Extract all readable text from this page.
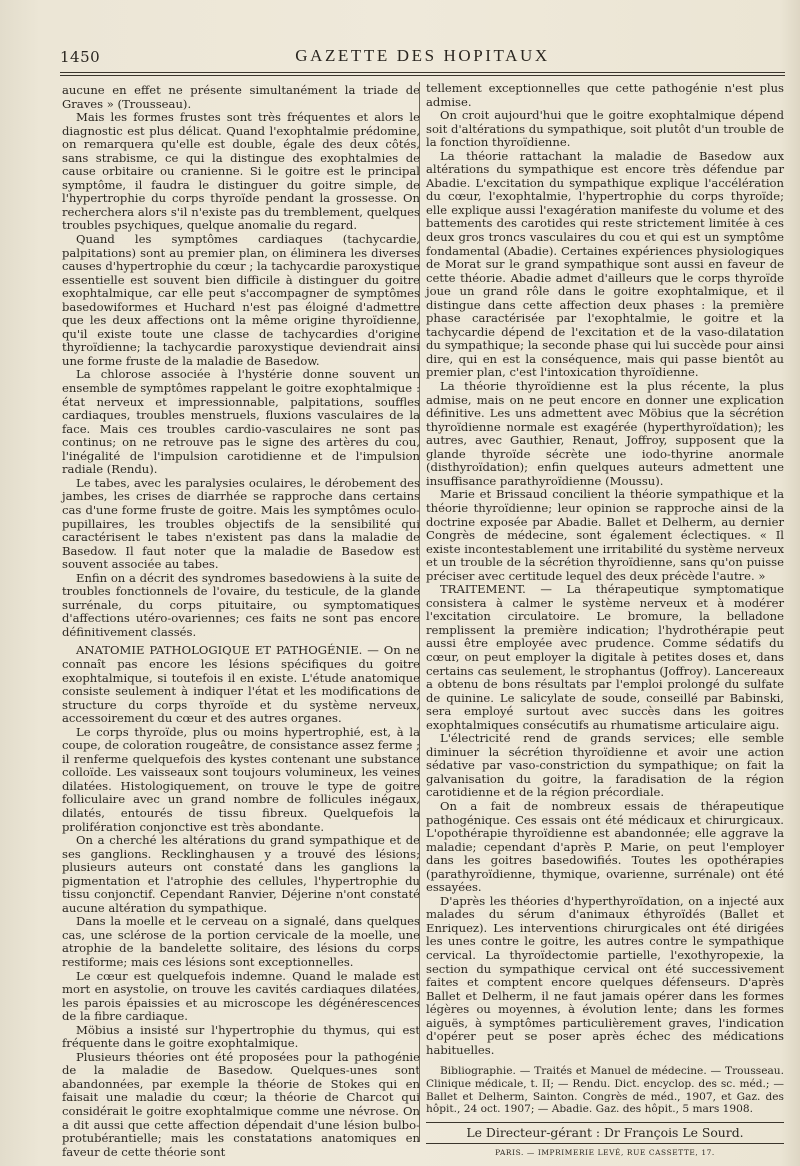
1450	GAZETTE DES HOPITAUX

aucune en effet ne présente simultanément la triade de Graves » (Trousseau).

Mais les formes frustes sont très fréquentes et alors le diagnostic est plus délicat. Quand l'exophtalmie prédomine, on remarquera qu'elle est double, égale des deux côtés, sans strabisme, ce qui la distingue des exophtalmies de cause orbitaire ou cranienne. Si le goitre est le principal symptôme, il faudra le distinguer du goitre simple, de l'hypertrophie du corps thyroïde pendant la grossesse. On recherchera alors s'il n'existe pas du tremblement, quelques troubles psychiques, quelque anomalie du regard.

Quand les symptômes cardiaques (tachycardie, palpitations) sont au premier plan, on éliminera les diverses causes d'hypertrophie du cœur ; la tachycardie paroxystique essentielle est souvent bien difficile à distinguer du goitre exophtalmique, car elle peut s'accompagner de symptômes basedowiformes et Huchard n'est pas éloigné d'admettre que les deux affections ont la même origine thyroïdienne, qu'il existe toute une classe de tachycardies d'origine thyroïdienne; la tachycardie paroxystique deviendrait ainsi une forme fruste de la maladie de Basedow.

La chlorose associée à l'hystérie donne souvent un ensemble de symptômes rappelant le goitre exophtalmique : état nerveux et impressionnable, palpitations, souffles cardiaques, troubles menstruels, fluxions vasculaires de la face. Mais ces troubles cardio-vasculaires ne sont pas continus; on ne retrouve pas le signe des artères du cou, l'inégalité de l'impulsion carotidienne et de l'impulsion radiale (Rendu).

Le tabes, avec les paralysies oculaires, le dérobement des jambes, les crises de diarrhée se rapproche dans certains cas d'une forme fruste de goitre. Mais les symptômes oculo-pupillaires, les troubles objectifs de la sensibilité qui caractérisent le tabes n'existent pas dans la maladie de Basedow. Il faut noter que la maladie de Basedow est souvent associée au tabes.

Enfin on a décrit des syndromes basedowiens à la suite de troubles fonctionnels de l'ovaire, du testicule, de la glande surrénale, du corps pituitaire, ou symptomatiques d'affections utéro-ovariennes; ces faits ne sont pas encore définitivement classés.

ANATOMIE PATHOLOGIQUE ET PATHOGÉNIE. — On ne connaît pas encore les lésions spécifiques du goitre exophtalmique, si toutefois il en existe. L'étude anatomique consiste seulement à indiquer l'état et les modifications de structure du corps thyroïde et du système nerveux, accessoirement du cœur et des autres organes.

Le corps thyroïde, plus ou moins hypertrophié, est, à la coupe, de coloration rougeâtre, de consistance assez ferme ; il renferme quelquefois des kystes contenant une substance colloïde. Les vaisseaux sont toujours volumineux, les veines dilatées. Histologiquement, on trouve le type de goitre folliculaire avec un grand nombre de follicules inégaux, dilatés, entourés de tissu fibreux. Quelquefois la prolifération conjonctive est très abondante.

On a cherché les altérations du grand sympathique et de ses ganglions. Recklinghausen y a trouvé des lésions; plusieurs auteurs ont constaté dans les ganglions la pigmentation et l'atrophie des cellules, l'hypertrophie du tissu conjonctif. Cependant Ranvier, Déjerine n'ont constaté aucune altération du sympathique.

Dans la moelle et le cerveau on a signalé, dans quelques cas, une sclérose de la portion cervicale de la moelle, une atrophie de la bandelette solitaire, des lésions du corps restiforme; mais ces lésions sont exceptionnelles.

Le cœur est quelquefois indemne. Quand le malade est mort en asystolie, on trouve les cavités cardiaques dilatées, les parois épaissies et au microscope les dégénérescences de la fibre cardiaque.

Möbius a insisté sur l'hypertrophie du thymus, qui est fréquente dans le goitre exophtalmique.

Plusieurs théories ont été proposées pour la pathogénie de la maladie de Basedow. Quelques-unes sont abandonnées, par exemple la théorie de Stokes qui en faisait une maladie du cœur; la théorie de Charcot qui considérait le goitre exophtalmique comme une névrose. On a dit aussi que cette affection dépendait d'une lésion bulbo-protubérantielle; mais les constatations anatomiques en faveur de cette théorie sont

tellement exceptionnelles que cette pathogénie n'est plus admise.

On croit aujourd'hui que le goitre exophtalmique dépend soit d'altérations du sympathique, soit plutôt d'un trouble de la fonction thyroïdienne.

La théorie rattachant la maladie de Basedow aux altérations du sympathique est encore très défendue par Abadie. L'excitation du sympathique explique l'accélération du cœur, l'exophtalmie, l'hypertrophie du corps thyroïde; elle explique aussi l'exagération manifeste du volume et des battements des carotides qui reste strictement limitée à ces deux gros troncs vasculaires du cou et qui est un symptôme fondamental (Abadie). Certaines expériences physiologiques de Morat sur le grand sympathique sont aussi en faveur de cette théorie. Abadie admet d'ailleurs que le corps thyroïde joue un grand rôle dans le goitre exophtalmique, et il distingue dans cette affection deux phases : la première phase caractérisée par l'exophtalmie, le goitre et la tachycardie dépend de l'excitation et de la vaso-dilatation du sympathique; la seconde phase qui lui succède pour ainsi dire, qui en est la conséquence, mais qui passe bientôt au premier plan, c'est l'intoxication thyroïdienne.

La théorie thyroïdienne est la plus récente, la plus admise, mais on ne peut encore en donner une explication définitive. Les uns admettent avec Möbius que la sécrétion thyroïdienne normale est exagérée (hyperthyroïdation); les autres, avec Gauthier, Renaut, Joffroy, supposent que la glande thyroïde sécrète une iodo-thyrine anormale (disthyroïdation); enfin quelques auteurs admettent une insuffisance parathyroïdienne (Moussu).

Marie et Brissaud concilient la théorie sympathique et la théorie thyroïdienne; leur opinion se rapproche ainsi de la doctrine exposée par Abadie. Ballet et Delherm, au dernier Congrès de médecine, sont également éclectiques. « Il existe incontestablement une irritabilité du système nerveux et un trouble de la sécrétion thyroïdienne, sans qu'on puisse préciser avec certitude lequel des deux précède l'autre. »

TRAITEMENT. — La thérapeutique symptomatique consistera à calmer le système nerveux et à modérer l'excitation circulatoire. Le bromure, la belladone remplissent la première indication; l'hydrothérapie peut aussi être employée avec prudence. Comme sédatifs du cœur, on peut employer la digitale à petites doses et, dans certains cas seulement, le strophantus (Joffroy). Lancereaux a obtenu de bons résultats par l'emploi prolongé du sulfate de quinine. Le salicylate de soude, conseillé par Babinski, sera employé surtout avec succès dans les goitres exophtalmiques consécutifs au rhumatisme articulaire aigu.

L'électricité rend de grands services; elle semble diminuer la sécrétion thyroïdienne et avoir une action sédative par vaso-constriction du sympathique; on fait la galvanisation du goitre, la faradisation de la région carotidienne et de la région précordiale.

On a fait de nombreux essais de thérapeutique pathogénique. Ces essais ont été médicaux et chirurgicaux. L'opothérapie thyroïdienne est abandonnée; elle aggrave la maladie; cependant d'après P. Marie, on peut l'employer dans les goitres basedowifiés. Toutes les opothérapies (parathyroïdienne, thymique, ovarienne, surrénale) ont été essayées.

D'après les théories d'hyperthyroïdation, on a injecté aux malades du sérum d'animaux éthyroïdés (Ballet et Enriquez). Les interventions chirurgicales ont été dirigées les unes contre le goitre, les autres contre le sympathique cervical. La thyroïdectomie partielle, l'exothyropexie, la section du sympathique cervical ont été successivement faites et comptent encore quelques défenseurs. D'après Ballet et Delherm, il ne faut jamais opérer dans les formes légères ou moyennes, à évolution lente; dans les formes aiguës, à symptômes particulièrement graves, l'indication d'opérer peut se poser après échec des médications habituelles.

Bibliographie. — Traités et Manuel de médecine. — Trousseau. Clinique médicale, t. II; — Rendu. Dict. encyclop. des sc. méd.; — Ballet et Delherm, Sainton. Congrès de méd., 1907, et Gaz. des hôpit., 24 oct. 1907; — Abadie. Gaz. des hôpit., 5 mars 1908.

Le Directeur-gérant : Dr François Le Sourd.
PARIS. — IMPRIMERIE LEVÉ, RUE CASSETTE, 17.
